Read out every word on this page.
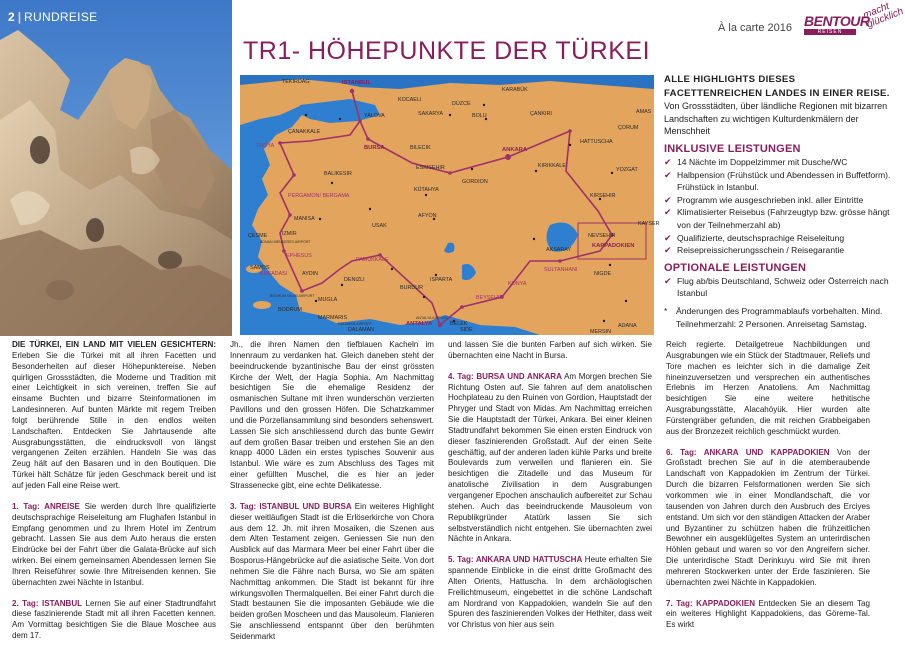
2 | RUNDREISE
À la carte 2016 BENTOUR
REISEN
macht glücklich
TR1- HÖHEPUNKTE DER TÜRKEI
TEKIRDAG	ISTANBUL
KARABÜK
KOCAELI
DÜZCE
ÇANAKKALE
YALOVA	SAKARYA	BOLU	ÇANKIRI	AMAS
ÇORUM
TROYA	BURSA	BILECIK
HATTUSCHA
ANKARA
BALIKESIR
ESKISEHIR	KIRIKKALE
YOZGAT
GORDION
KÜTAHYA
KIRSEHIR
PERGAMON/ BERGAMA
AFYON
MANISA
IZMIR
USAK
ÇESME	NEVSEHIR
KAPPADOKIEN
EPHESUS
AKSARAY
KUSADASI
PAMUKKALE
SAMOS
AYDIN
DENIZLI
KONYA
SULTANHANI
NIGDE
BEYSEHIR
BURDUR
ISPARTA
MUGLA
BODRUM
MARMARIS
ANTALYA
DALAMAN	SIDE
BELEK
MERSIN
ADANA
KAYSER
ADNAN MENDERES AIRPORT
BODRUM MILAS AIRPORT
DALAMAN AIRPORT
ANTALYA AIRPORT
ALLE HIGHLIGHTS DIESES FACETTENREICHEN LANDES IN EINER REISE. Von Grossstädten, über ländliche Regionen mit bizarren Landschaften zu wichtigen Kulturdenkmälern der Menschheit
INKLUSIVE LEISTUNGEN
✔ 14 Nächte im Doppelzimmer mit Dusche/WC
✔ Halbpension (Frühstück und Abendessen in Buffetform). Frühstück in Istanbul.
✔ Programm wie ausgeschrieben inkl. aller Eintritte
✔ Klimatisierter Reisebus (Fahrzeugtyp bzw. grösse hängt von der Teilnehmerzahl ab)
✔ Qualifizierte, deutschsprachige Reiseleitung
✔ Reisepreissicherungsschein / Reisegarantie
OPTIONALE LEISTUNGEN
✔ Flug ab/bis Deutschland, Schweiz oder Österreich nach Istanbul
* Änderungen des Programmablaufs vorbehalten. Mind. Teilnehmerzahl: 2 Personen. Anreisetag Samstag.

DIE TÜRKEI, EIN LAND MIT VIELEN GESICHTERN: Erleben Sie die Türkei mit all ihren Facetten und Besonderheiten auf dieser Höhepunktereise. Neben quirligen Grossstädten, die Moderne und Tradition mit einer Leichtigkeit in sich vereinen, treffen Sie auf einsame Buchten und bizarre Steinformationen im Landesinneren. Auf bunten Märkte mit regem Treiben folgt berührende Stille in den endlos weiten Landschaften. Entdecken Sie Jahrtausende alte Ausgrabungsstätten, die eindrucksvoll von längst vergangenen Zeiten erzählen. Handeln Sie was das Zeug hält auf den Basaren und in den Boutiquen. Die Türkei hält Schätze für jeden Geschmack bereit und ist auf jeden Fall eine Reise wert.

1. Tag: ANREISE Sie werden durch Ihre qualifizierte deutschsprachige Reiseleitung am Flughafen Istanbul in Empfang genommen und zu Ihrem Hotel im Zentrum gebracht. Lassen Sie aus dem Auto heraus die ersten Eindrücke bei der Fahrt über die Galata-Brücke auf sich wirken. Bei einem gemeinsamen Abendessen lernen Sie Ihren Reiseführer sowie Ihre Mitreisenden kennen. Sie übernachten zwei Nächte in Istanbul.

2. Tag: ISTANBUL Lernen Sie auf einer Stadtrundfahrt diese faszinierende Stadt mit all ihren Facetten kennen. Am Vormittag besichtigen Sie die Blaue Moschee aus dem 17.

Jh., die ihren Namen den tiefblauen Kacheln im Innenraum zu verdanken hat. Gleich daneben steht der beeindruckende byzantinische Bau der einst grössten Kirche der Welt, der Hagia Sophia. Am Nachmittag besichtigen Sie die ehemalige Residenz der osmanischen Sultane mit ihren wunderschön verzierten Pavillons und den grossen Höfen. Die Schatzkammer und die Porzellansammlung sind besonders sehenswert. Lassen Sie sich anschliessend durch das bunte Gewirr auf dem großen Basar treiben und erstehen Sie an den knapp 4000 Läden ein erstes typisches Souvenir aus Istanbul. Wie wäre es zum Abschluss des Tages mit einer gefüllten Muschel, die es hier an jeder Strassenecke gibt, eine echte Delikatesse.

3. Tag: ISTANBUL UND BURSA Ein weiteres Highlight dieser weitläufigen Stadt ist die Erlöserkirche von Chora aus dem 12. Jh. mit ihren Mosaiken, die Szenen aus dem Alten Testament zeigen. Geniessen Sie nun den Ausblick auf das Marmara Meer bei einer Fahrt über die Bosporus-Hängebrücke auf die asiatische Seite. Von dort nehmen Sie die Fähre nach Bursa, wo Sie am späten Nachmittag ankommen. Die Stadt ist bekannt für ihre wirkungsvollen Thermalquellen. Bei einer Fahrt durch die Stadt bestaunen Sie die imposanten Gebäude wie die beiden großen Moscheen und das Mausoleum. Flanieren Sie anschliessend entspannt über den berühmten Seidenmarkt

und lassen Sie die bunten Farben auf sich wirken. Sie übernachten eine Nacht in Bursa.

4. Tag: BURSA UND ANKARA Am Morgen brechen Sie Richtung Osten auf. Sie fahren auf dem anatolischen Hochplateau zu den Ruinen von Gordion, Hauptstadt der Phryger und Stadt von Midas. Am Nachmittag erreichen Sie die Hauptstadt der Türkei, Ankara. Bei einer kleinen Stadtrundfahrt bekommen Sie einen ersten Eindruck von dieser faszinierenden Großstadt. Auf der einen Seite geschäftig, auf der anderen laden kühle Parks und breite Boulevards zum verweilen und flanieren ein. Sie besichtigen die Zitadelle und das Museum für anatolische Zivilisation in dem Ausgrabungen vergangener Epochen anschaulich aufbereitet zur Schau stehen. Auch das beeindruckende Mausoleum von Republikgründer Atatürk lassen Sie sich selbstverständlich nicht entgehen. Sie übernachten zwei Nächte in Ankara.

5. Tag: ANKARA UND HATTUSCHA Heute erhalten Sie spannende Einblicke in die einst dritte Großmacht des Alten Orients, Hattuscha. In dem archäologischen Freilichtmuseum, eingebettet in die schöne Landschaft am Nordrand von Kappadokien, wandeln Sie auf den Spuren des faszinierenden Volkes der Hethiter, dass weit vor Christus von hier aus sein

Reich regierte. Detailgetreue Nachbildungen und Ausgrabungen wie ein Stück der Stadtmauer, Reliefs und Tore machen es leichter sich in die damalige Zeit hineinzuversetzen und versprechen ein authentisches Erlebnis im Herzen Anatoliens. Am Nachmittag besichtigen Sie eine weitere hethitische Ausgrabungsstätte, Alacahöyük. Hier wurden alte Fürstengräber gefunden, die mit reichen Grabbeigaben aus der Bronzezeit reichlich geschmückt wurden.

6. Tag: ANKARA UND KAPPADOKIEN Von der Großstadt brechen Sie auf in die atemberaubende Landschaft von Kappadokien im Zentrum der Türkei. Durch die bizarren Felsformationen werden Sie sich vorkommen wie in einer Mondlandschaft, die vor tausenden von Jahren durch den Ausbruch des Erciyes entstand. Um sich vor den ständigen Attacken der Araber und Byzantiner zu schützen haben die frühzeitlichen Bewohner ein ausgeklügeltes System an unterirdischen Höhlen gebaut und waren so vor den Angreifern sicher. Die unterirdische Stadt Derinkuyu wird Sie mit ihren mehreren Stockwerken unter der Erde faszinieren. Sie übernachten zwei Nächte in Kappadokien.

7. Tag: KAPPADOKIEN Entdecken Sie an diesem Tag ein weiteres Highlight Kappadokiens, das Göreme-Tal. Es wirkt
